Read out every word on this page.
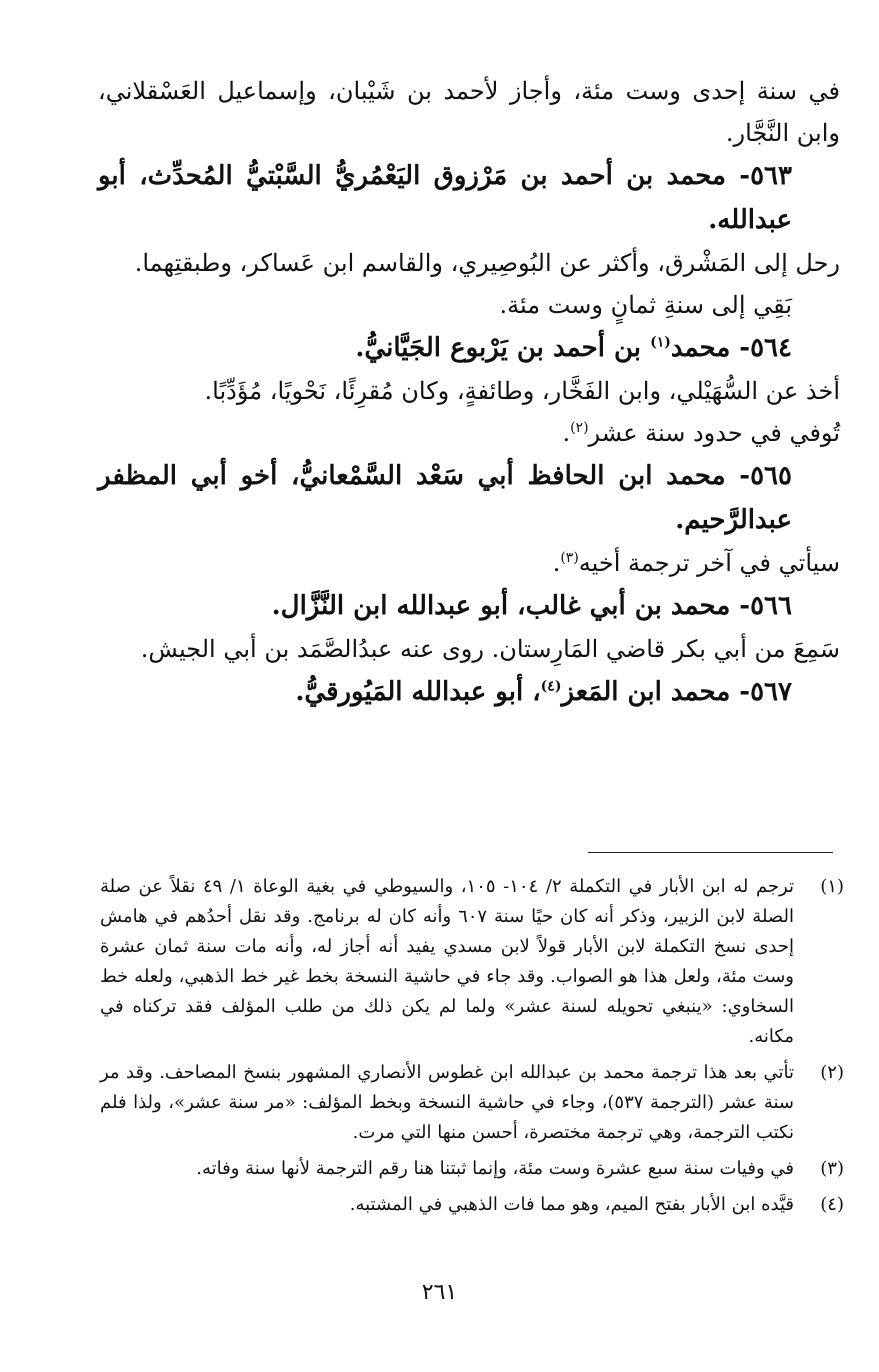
في سنة إحدى وست مئة، وأجاز لأحمد بن شَيْبان، وإسماعيل العَسْقلاني، وابن النَّجَّار.

٥٦٣- محمد بن أحمد بن مَرْزوق اليَعْمُريُّ السَّبْتيُّ المُحدِّث، أبو عبدالله.

رحل إلى المَشْرق، وأكثر عن البُوصِيري، والقاسم ابن عَساكر، وطبقتِهما.

بَقِي إلى سنةِ ثمانٍ وست مئة.

٥٦٤- محمد$^{(١)}$ بن أحمد بن يَرْبوع الجَيَّانيُّ.

أخذ عن السُّهَيْلي، وابن الفَخَّار، وطائفةٍ، وكان مُقرِئًا، نَحْويًا، مُؤَدِّبًا.

تُوفي في حدود سنة عشر$^{(٢)}$.

٥٦٥- محمد ابن الحافظ أبي سَعْد السَّمْعانيُّ، أخو أبي المظفر عبدالرَّحيم.

سيأتي في آخر ترجمة أخيه$^{(٣)}$.

٥٦٦- محمد بن أبي غالب، أبو عبدالله ابن النَّزَّال.

سَمِعَ من أبي بكر قاضي المَارِستان. روى عنه عبدُالصَّمَد بن أبي الجيش.

٥٦٧- محمد ابن المَعز$^{(٤)}$، أبو عبدالله المَيُورقيُّ.

(١)
ترجم له ابن الأبار في التكملة ٢/ ١٠٤- ١٠٥، والسيوطي في بغية الوعاة ١/ ٤٩ نقلاً عن صلة الصلة لابن الزبير، وذكر أنه كان حيًا سنة ٦٠٧ وأنه كان له برنامج. وقد نقل أحدُهم في هامش إحدى نسخ التكملة لابن الأبار قولاً لابن مسدي يفيد أنه أجاز له، وأنه مات سنة ثمان عشرة وست مئة، ولعل هذا هو الصواب. وقد جاء في حاشية النسخة بخط غير خط الذهبي، ولعله خط السخاوي: «ينبغي تحويله لسنة عشر» ولما لم يكن ذلك من طلب المؤلف فقد تركناه في مكانه.
(٢)
تأتي بعد هذا ترجمة محمد بن عبدالله ابن غطوس الأنصاري المشهور بنسخ المصاحف. وقد مر سنة عشر (الترجمة ٥٣٧)، وجاء في حاشية النسخة وبخط المؤلف: «مر سنة عشر»، ولذا فلم نكتب الترجمة، وهي ترجمة مختصرة، أحسن منها التي مرت.
(٣)
في وفيات سنة سبع عشرة وست مئة، وإنما ثبتنا هنا رقم الترجمة لأنها سنة وفاته.
(٤)
قيَّده ابن الأبار بفتح الميم، وهو مما فات الذهبي في المشتبه.
٢٦١
